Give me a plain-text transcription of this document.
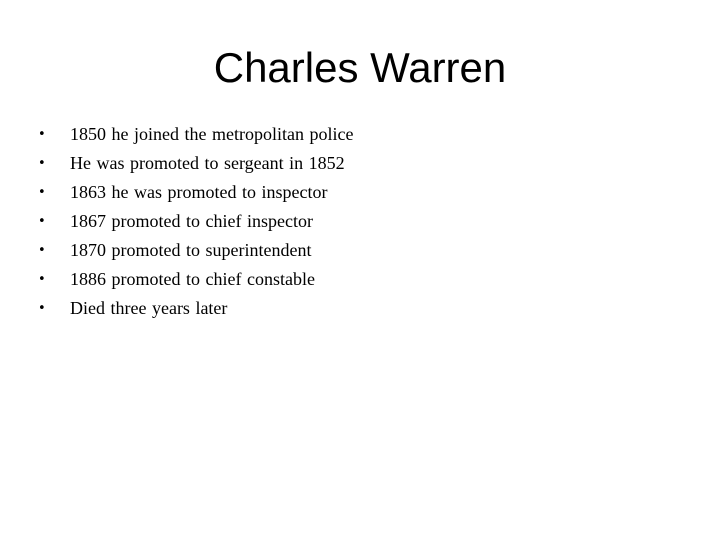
Charles Warren
•	1850 he joined the metropolitan police
•	He was promoted to sergeant in 1852
•	1863 he was promoted to inspector
•	1867 promoted to chief inspector
•	1870 promoted to superintendent
•	1886 promoted to chief constable
•	Died three years later
